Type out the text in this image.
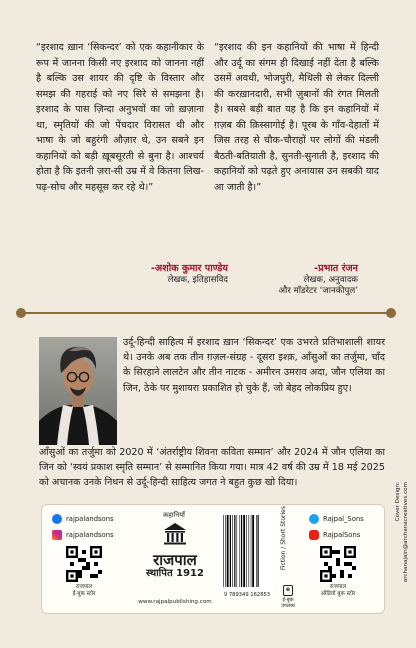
“इरशाद ख़ान ‘सिकन्दर’ को एक कहानीकार के रूप में जानना किसी नए इरशाद को जानना नहीं है बल्कि उस शायर की दृष्टि के विस्तार और समझ की गहराई को नए सिरे से समझना है। इरशाद के पास ज़िन्दा अनुभवों का जो ख़ज़ाना था, स्मृतियों की जो पेंचदार विरासत थी और भाषा के जो बहुरंगी औज़ार थे, उन सबने इन कहानियों को बड़ी ख़ूबसूरती से बुना है। आश्चर्य होता है कि इतनी ज़रा-सी उम्र में वे कितना लिख-पढ़-सोच और महसूस कर रहे थे।”

-अशोक कुमार पाण्डेय
लेखक, इतिहासविद

“इरशाद की इन कहानियों की भाषा में हिन्दी और उर्दू का संगम ही दिखाई नहीं देता है बल्कि उसमें अवधी, भोजपुरी, मैथिली से लेकर दिल्ली की करख़ानदारी, सभी ज़ुबानों की रंगत मिलती है। सबसे बड़ी बात यह है कि इन कहानियों में ग़ज़ब की क़िस्सागोई है। पूरब के गाँव-देहातों में जिस तरह से चौक-चौराहों पर लोगों की मंडली बैठती-बतियाती है, सुनती-सुनाती है, इरशाद की कहानियों को पढ़ते हुए अनायास उन सबकी याद आ जाती है।”

-प्रभात रंजन
लेखक, अनुवादक
और मॉडरेटर ‘जानकीपुल’

उर्दू-हिन्दी साहित्य में इरशाद ख़ान ‘सिकन्दर’ एक उभरते प्रतिभाशाली शायर थे। उनके अब तक तीन ग़ज़ल-संग्रह - दूसरा इश्क़, आँसुओं का तर्जुमा, चाँद के सिरहाने लालटेन और तीन नाटक - अमीरन उमराव अदा, जौन एलिया का जिन, ठेके पर मुशायरा प्रकाशित हो चुके हैं, जो बेहद लोकप्रिय हुए।

आँसुओं का तर्जुमा को 2020 में ‘अंतर्राष्ट्रीय शिवना कविता सम्मान’ और 2024 में जौन एलिया का जिन को ‘स्वयं प्रकाश स्मृति सम्मान’ से सम्मानित किया गया। मात्र 42 वर्ष की उम्र में 18 मई 2025 को अचानक उनके निधन से उर्दू-हिन्दी साहित्य जगत ने बहुत कुछ खो दिया।	Cover Design: archanajain@archanacreatives.com
rajpalandsons
rajpalandsons
Rajpal_Sons
RajpalSons
राजपाल
ई-बुक स्टोर
राजपाल
ऑडियो बुक स्टोर
कहानियाँ
राजपाल
स्थापित 1912
www.rajpalpublishing.com
9 789349 162853
Fiction / Short Stories
e
ई-बुक उपलब्ध
